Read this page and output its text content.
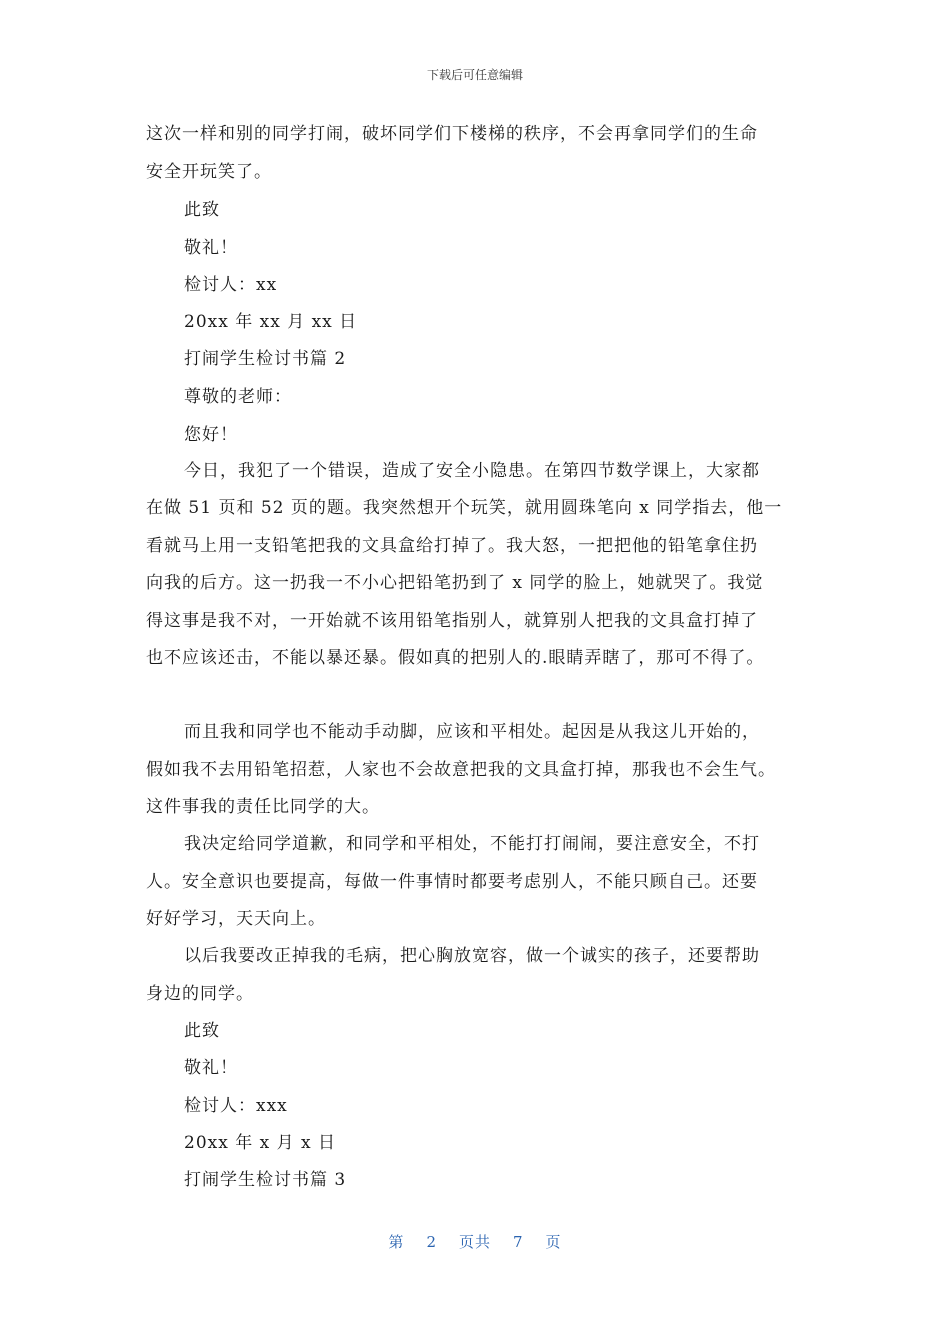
下载后可任意编辑
这次一样和别的同学打闹，破坏同学们下楼梯的秩序，不会再拿同学们的生命
安全开玩笑了。
此致
敬礼！
检讨人：xx
20xx 年 xx 月 xx 日
打闹学生检讨书篇 2
尊敬的老师：
您好！
今日，我犯了一个错误，造成了安全小隐患。在第四节数学课上，大家都
在做 51 页和 52 页的题。我突然想开个玩笑，就用圆珠笔向 x 同学指去，他一
看就马上用一支铅笔把我的文具盒给打掉了。我大怒，一把把他的铅笔拿住扔
向我的后方。这一扔我一不小心把铅笔扔到了 x 同学的脸上，她就哭了。我觉
得这事是我不对，一开始就不该用铅笔指别人，就算别人把我的文具盒打掉了
也不应该还击，不能以暴还暴。假如真的把别人的.眼睛弄瞎了，那可不得了。
而且我和同学也不能动手动脚，应该和平相处。起因是从我这儿开始的，
假如我不去用铅笔招惹，人家也不会故意把我的文具盒打掉，那我也不会生气。
这件事我的责任比同学的大。
我决定给同学道歉，和同学和平相处，不能打打闹闹，要注意安全，不打
人。安全意识也要提高，每做一件事情时都要考虑别人，不能只顾自己。还要
好好学习，天天向上。
以后我要改正掉我的毛病，把心胸放宽容，做一个诚实的孩子，还要帮助
身边的同学。
此致
敬礼！
检讨人：xxx
20xx 年 x 月 x 日
打闹学生检讨书篇 3
第 2 页共 7 页
